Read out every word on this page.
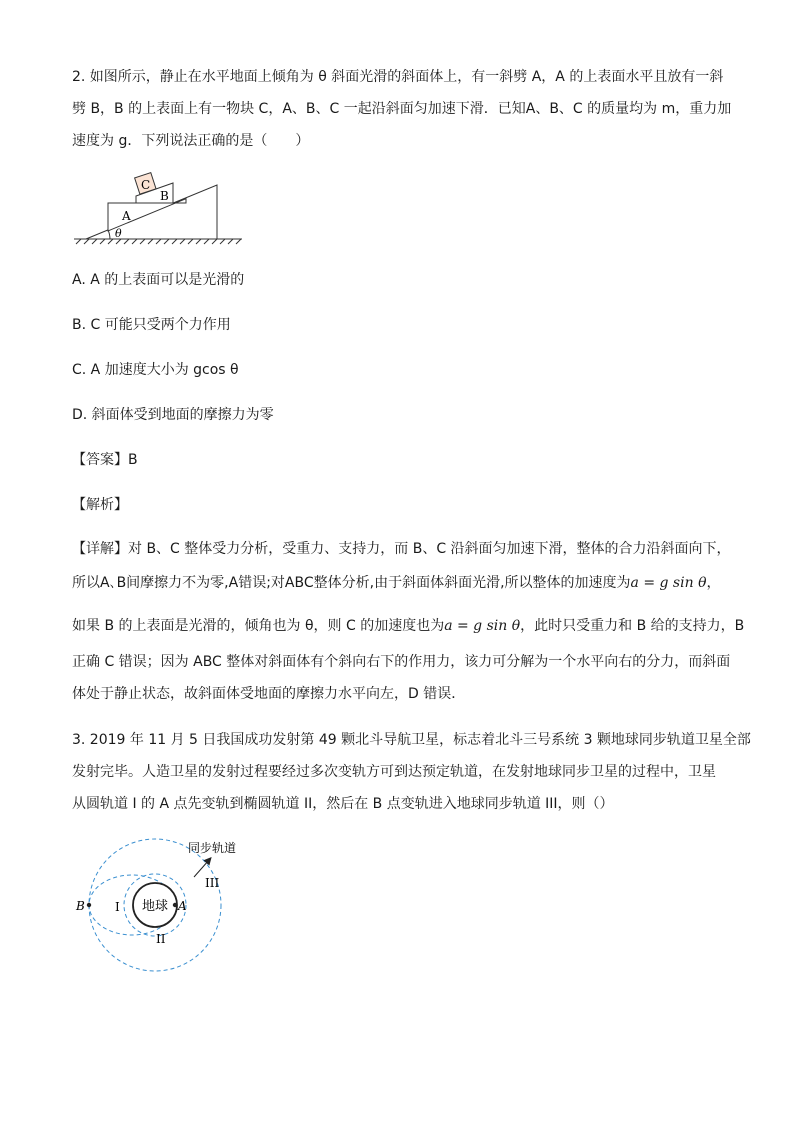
2. 如图所示，静止在水平地面上倾角为 θ 斜面光滑的斜面体上，有一斜劈 A，A 的上表面水平且放有一斜
劈 B，B 的上表面上有一物块 C，A、B、C 一起沿斜面匀加速下滑．已知A、B、C 的质量均为 m，重力加
速度为 g．下列说法正确的是（　　）
C
B
A
θ
A. A 的上表面可以是光滑的
B. C 可能只受两个力作用
C. A 加速度大小为 gcos θ
D. 斜面体受到地面的摩擦力为零
【答案】B
【解析】
【详解】对 B、C 整体受力分析，受重力、支持力，而 B、C 沿斜面匀加速下滑，整体的合力沿斜面向下，
所以A､B间摩擦力不为零,A错误;对ABC整体分析,由于斜面体斜面光滑,所以整体的加速度为a = g sin θ，
如果 B 的上表面是光滑的，倾角也为 θ，则 C 的加速度也为a = g sin θ，此时只受重力和 B 给的支持力，B
正确 C 错误；因为 ABC 整体对斜面体有个斜向右下的作用力，该力可分解为一个水平向右的分力，而斜面
体处于静止状态，故斜面体受地面的摩擦力水平向左，D 错误．
3. 2019 年 11 月 5 日我国成功发射第 49 颗北斗导航卫星，标志着北斗三号系统 3 颗地球同步轨道卫星全部
发射完毕。人造卫星的发射过程要经过多次变轨方可到达预定轨道，在发射地球同步卫星的过程中，卫星
从圆轨道 I 的 A 点先变轨到椭圆轨道 II，然后在 B 点变轨进入地球同步轨道 III，则（）
地球
B	A
I
II
III
同步轨道
